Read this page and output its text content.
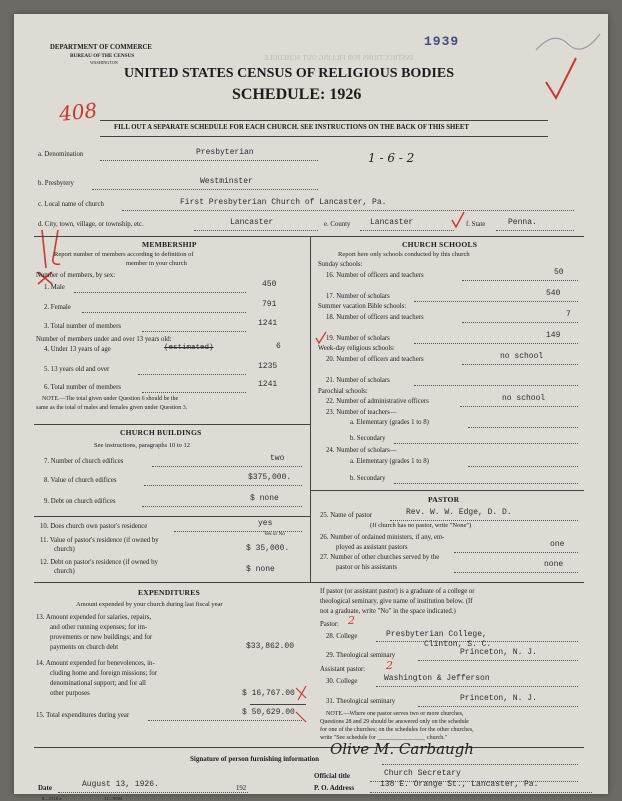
INSTRUCTIONS FOR FILLING OUT SCHEDULE
DEPARTMENT OF COMMERCE
BUREAU OF THE CENSUS
WASHINGTON
1939
UNITED STATES CENSUS OF RELIGIOUS BODIES
SCHEDULE: 1926
408
FILL OUT A SEPARATE SCHEDULE FOR EACH CHURCH. SEE INSTRUCTIONS ON THE BACK OF THIS SHEET
a. Denomination	Presbyterian	1 - 6 - 2
b. Presbytery	Westminster
c. Local name of church	First Presbyterian Church of Lancaster, Pa.
d. City, town, village, or township, etc.	Lancaster	e. County Lancaster	f. State	Penna.
MEMBERSHIP
Report number of members according to definition of
member in your church
Number of members, by sex:
1. Male	450
2. Female	791
3. Total number of members	1241
Number of members under and over 13 years old:
4. Under 13 years of age	(estimated)	6
5. 13 years old and over	1235
6. Total number of members	1241
NOTE.—The total given under Question 6 should be the
same as the total of males and females given under Question 3.
CHURCH BUILDINGS
See instructions, paragraphs 10 to 12
7. Number of church edifices	two
8. Value of church edifices	$375,000.
9. Debt on church edifices	$ none
10. Does church own pastor's residence	yes
Yes or No
11. Value of pastor's residence (if owned by
church)	$ 35,000.
12. Debt on pastor's residence (if owned by
church)	$ none
EXPENDITURES
Amount expended by your church during last fiscal year
13. Amount expended for salaries, repairs,
and other running expenses; for im-
provements or new buildings; and for
payments on church debt	$33,862.00
14. Amount expended for benevolences, in-
cluding home and foreign missions; for
denominational support; and for all
other purposes	$ 16,767.00
15. Total expenditures during year	$ 50,629.00
CHURCH SCHOOLS
Report here only schools conducted by this church
Sunday schools:
16. Number of officers and teachers	50
17. Number of scholars	540
Summer vacation Bible schools:
18. Number of officers and teachers	7
19. Number of scholars	149
Week-day religious schools:
20. Number of officers and teachers	no school
21. Number of scholars
Parochial schools:
22. Number of administrative officers	no school
23. Number of teachers—
a. Elementary (grades 1 to 8)
b. Secondary
24. Number of scholars—
a. Elementary (grades 1 to 8)
b. Secondary
PASTOR
25. Name of pastor	Rev. W. W. Edge, D. D.
(If church has no pastor, write "None")
26. Number of ordained ministers, if any, em-
ployed as assistant pastors	one
27. Number of other churches served by the
pastor or his assistants	none
If pastor (or assistant pastor) is a graduate of a college or
theological seminary, give name of institution below. (If
not a graduate, write "No" in the space indicated.)
Pastor: 2
28. College	Presbyterian College,
Clinton, S. C.
29. Theological seminary	Princeton, N. J.
Assistant pastor: 2
30. College	Washington & Jefferson
31. Theological seminary	Princeton, N. J.
NOTE.—Where one pastor serves two or more churches,
Questions 28 and 29 should be answered only on the schedule
for one of the churches; on the schedules for the other churches,
write "See schedule for ________________ church."
Signature of person furnishing information
Olive M. Carbaugh
Official title	Church Secretary
Date	August 13, 1926.	192	P. O. Address	138 E. Orange St., Lancaster, Pa.
8—5518 a	11—9084
